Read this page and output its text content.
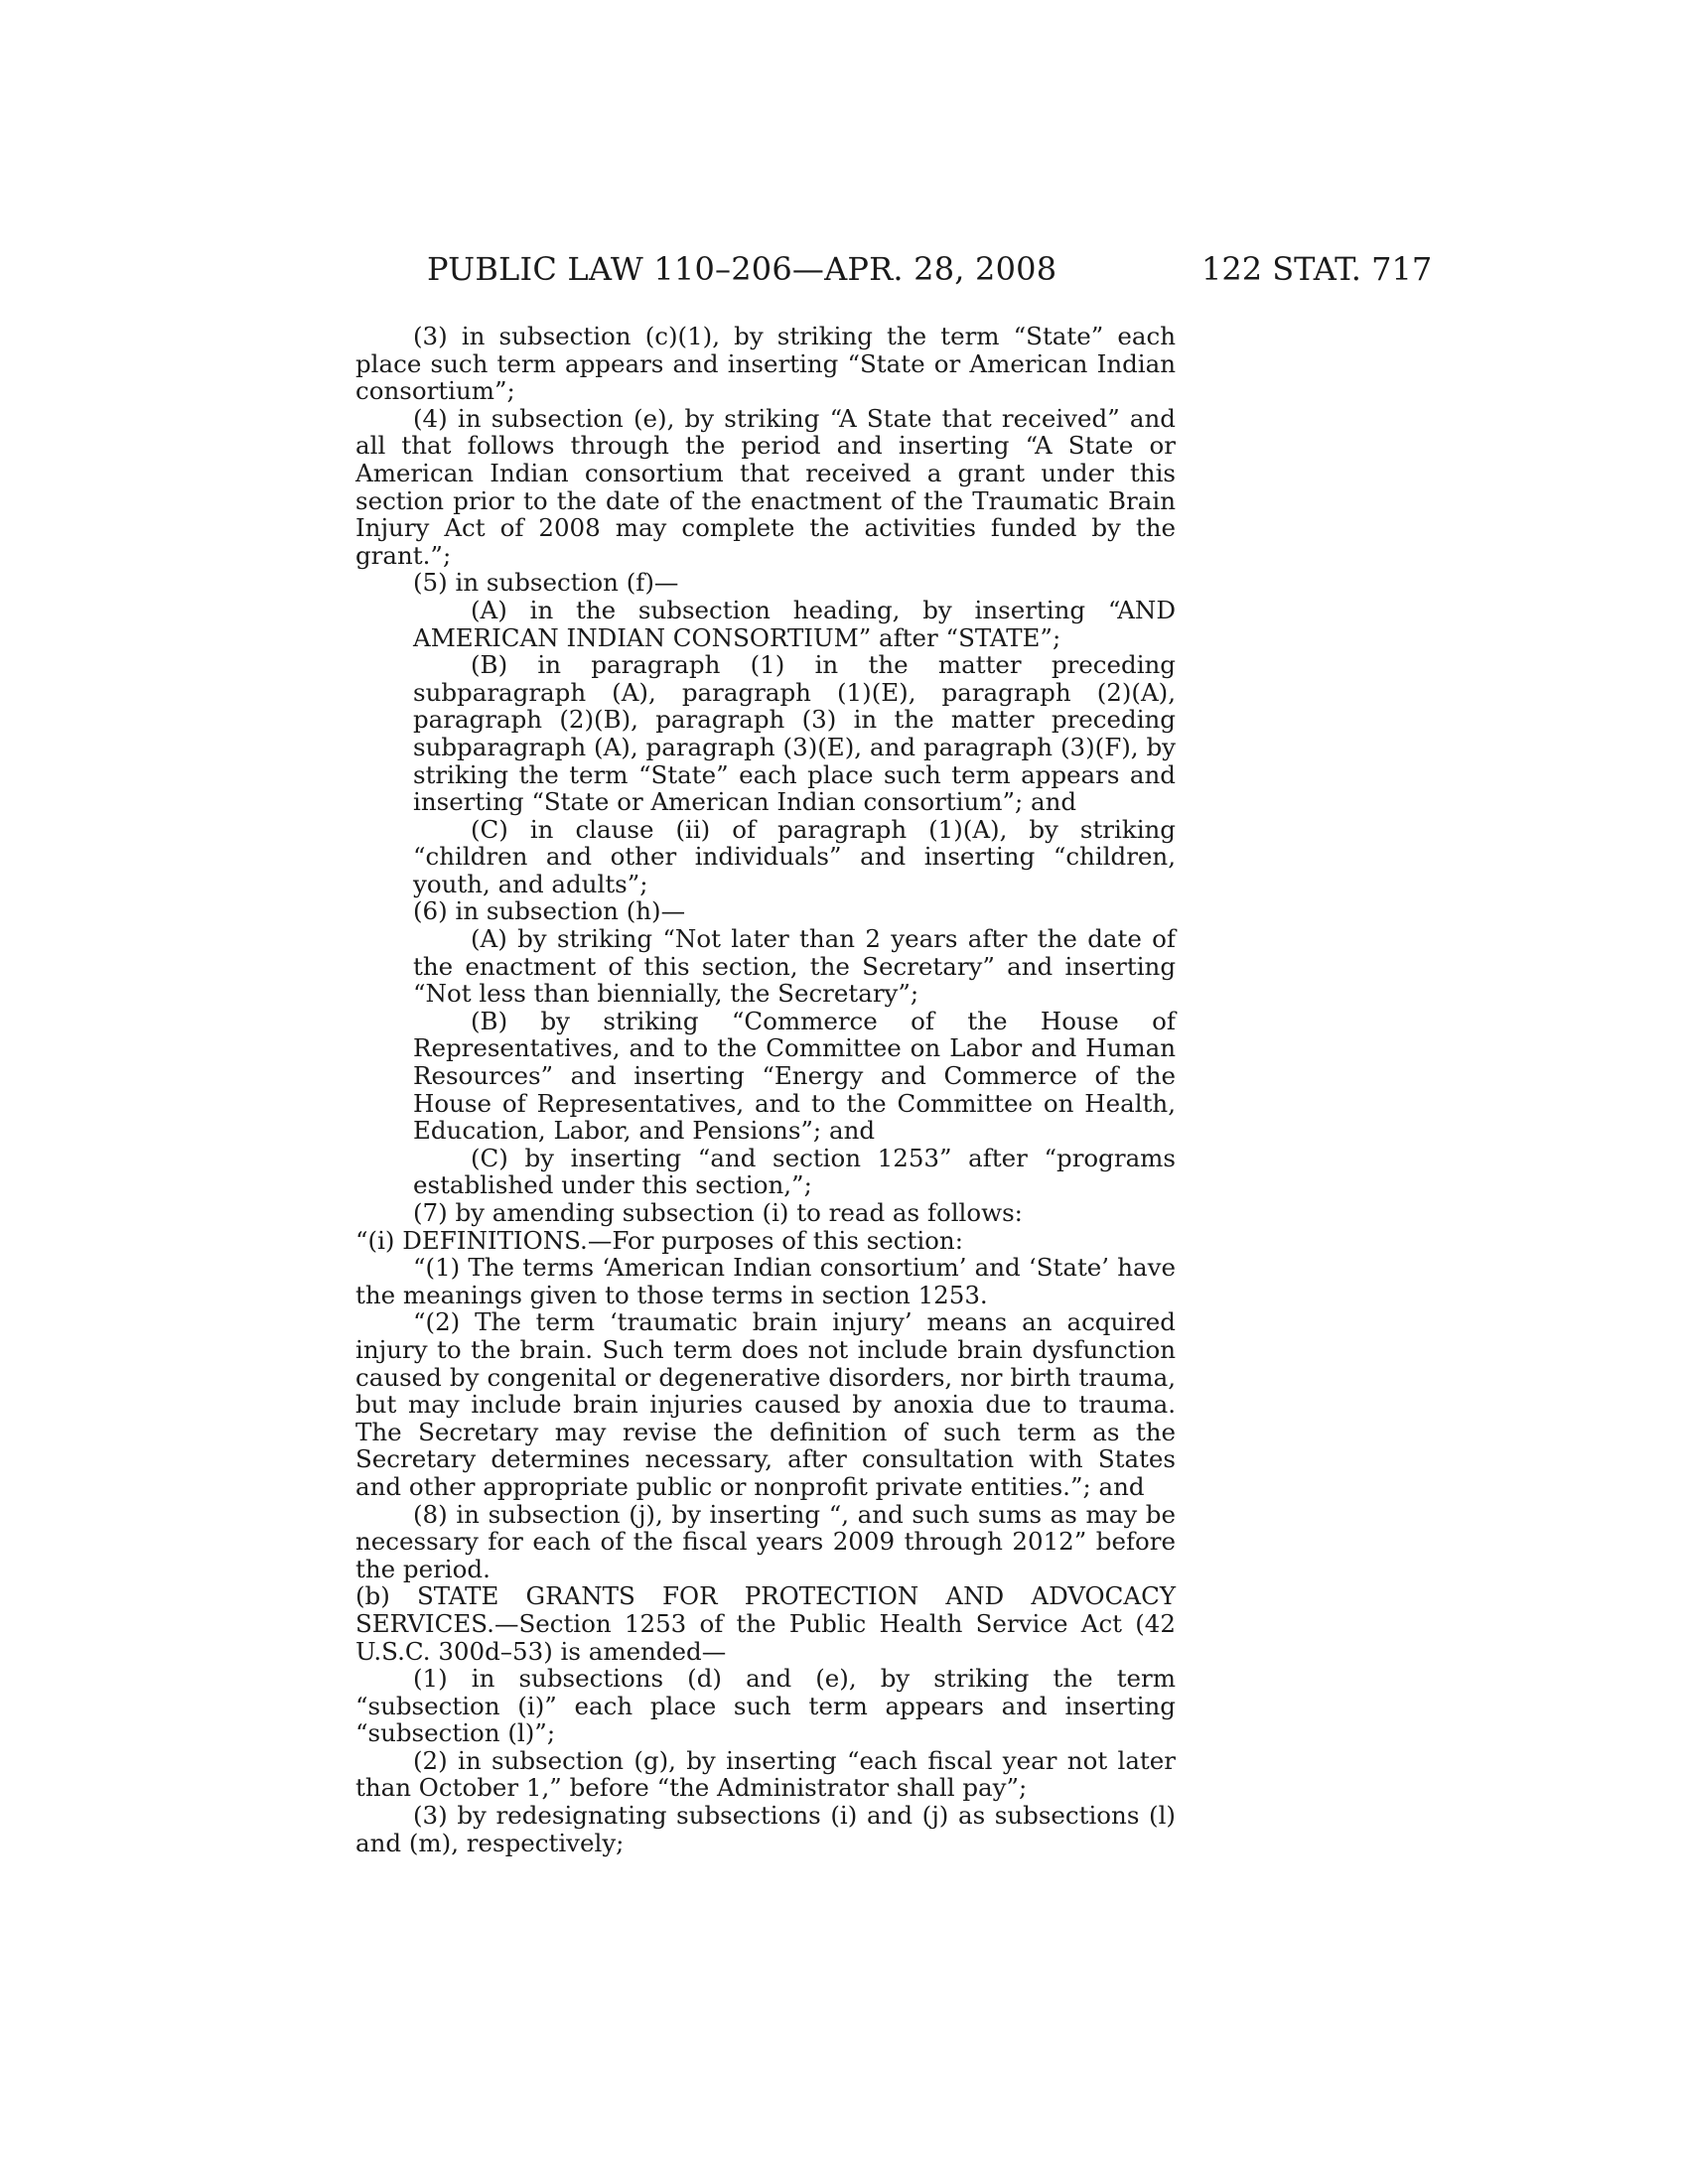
PUBLIC LAW 110–206—APR. 28, 2008	122 STAT. 717

(3) in subsection (c)(1), by striking the term “State” each place such term appears and inserting “State or American Indian consortium”;

(4) in subsection (e), by striking “A State that received” and all that follows through the period and inserting “A State or American Indian consortium that received a grant under this section prior to the date of the enactment of the Traumatic Brain Injury Act of 2008 may complete the activities funded by the grant.”;

(5) in subsection (f)—

(A) in the subsection heading, by inserting “AND AMERICAN INDIAN CONSORTIUM” after “STATE”;

(B) in paragraph (1) in the matter preceding subparagraph (A), paragraph (1)(E), paragraph (2)(A), paragraph (2)(B), paragraph (3) in the matter preceding subparagraph (A), paragraph (3)(E), and paragraph (3)(F), by striking the term “State” each place such term appears and inserting “State or American Indian consortium”; and

(C) in clause (ii) of paragraph (1)(A), by striking “children and other individuals” and inserting “children, youth, and adults”;

(6) in subsection (h)—

(A) by striking “Not later than 2 years after the date of the enactment of this section, the Secretary” and inserting “Not less than biennially, the Secretary”;

(B) by striking “Commerce of the House of Representatives, and to the Committee on Labor and Human Resources” and inserting “Energy and Commerce of the House of Representatives, and to the Committee on Health, Education, Labor, and Pensions”; and

(C) by inserting “and section 1253” after “programs established under this section,”;

(7) by amending subsection (i) to read as follows:

“(i) DEFINITIONS.—For purposes of this section:

“(1) The terms ‘American Indian consortium’ and ‘State’ have the meanings given to those terms in section 1253.

“(2) The term ‘traumatic brain injury’ means an acquired injury to the brain. Such term does not include brain dysfunction caused by congenital or degenerative disorders, nor birth trauma, but may include brain injuries caused by anoxia due to trauma. The Secretary may revise the definition of such term as the Secretary determines necessary, after consultation with States and other appropriate public or nonprofit private entities.”; and

(8) in subsection (j), by inserting “, and such sums as may be necessary for each of the fiscal years 2009 through 2012” before the period.

(b) STATE GRANTS FOR PROTECTION AND ADVOCACY SERVICES.—Section 1253 of the Public Health Service Act (42 U.S.C. 300d–53) is amended—

(1) in subsections (d) and (e), by striking the term “subsection (i)” each place such term appears and inserting “subsection (l)”;

(2) in subsection (g), by inserting “each fiscal year not later than October 1,” before “the Administrator shall pay”;

(3) by redesignating subsections (i) and (j) as subsections (l) and (m), respectively;
